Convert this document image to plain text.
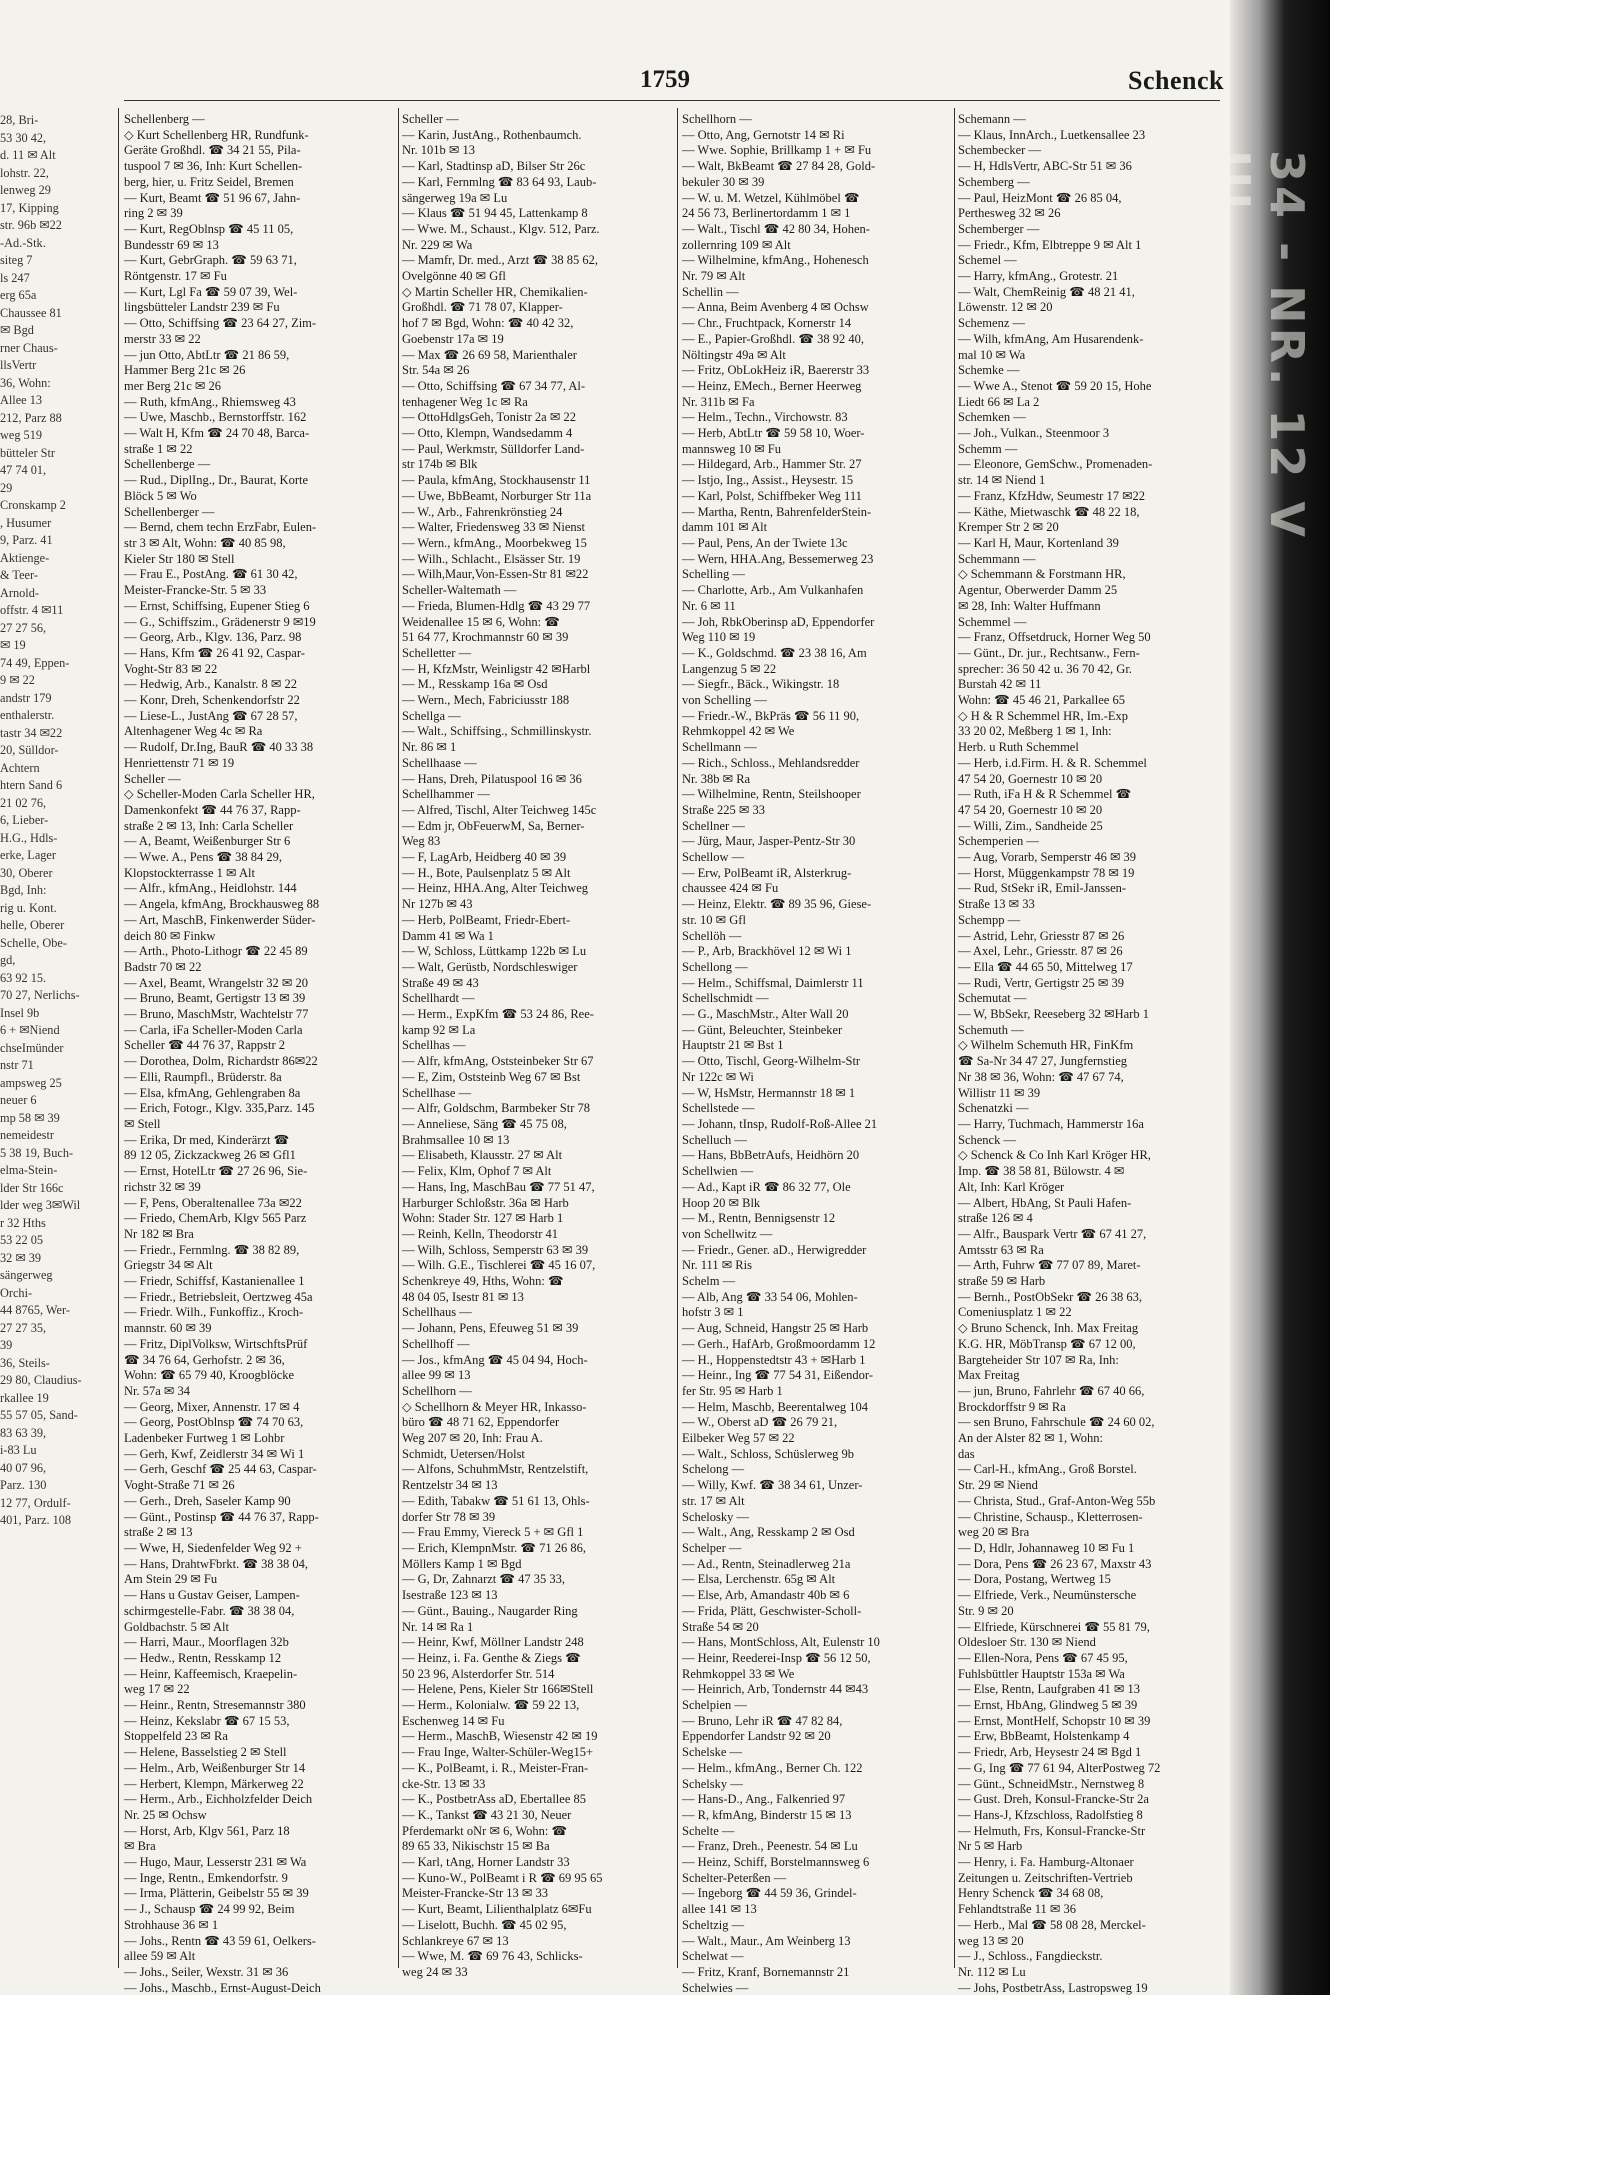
34 - NR. 12 V III
1759	Schenck
28, Bri-
53 30 42,
d. 11 ✉ Alt
lohstr. 22,
lenweg 29
17, Kipping
str. 96b ✉22
-Ad.-Stk.
siteg 7
ls 247
erg 65a
Chaussee 81
✉ Bgd
rner Chaus-
llsVertr
36, Wohn:
Allee 13
212, Parz 88
weg 519
bütteler Str
47 74 01,
29
Cronskamp 2
, Husumer
9, Parz. 41
Aktienge-
& Teer-
Arnold-
offstr. 4 ✉11
27 27 56,
✉ 19
74 49, Eppen-
9 ✉ 22
andstr 179
enthalerstr.
tastr 34 ✉22
20, Sülldor-
Achtern
htern Sand 6
21 02 76,
6, Lieber-
H.G., Hdls-
erke, Lager
30, Oberer
Bgd, Inh:
rig u. Kont.
helle, Oberer
Schelle, Obe-
gd,
63 92 15.
70 27, Nerlichs-
Insel 9b
6 + ✉Niend
chseImünder
nstr 71
ampsweg 25
neuer 6
mp 58 ✉ 39
nemeidestr
5 38 19, Buch-
elma-Stein-
lder Str 166c
lder weg 3✉Wil
r 32 Hths
53 22 05
32 ✉ 39
sängerweg
Orchi-
44 8765, Wer-
27 27 35,
39
36, Steils-
29 80, Claudius-
rkallee 19
55 57 05, Sand-
83 63 39,
i-83 Lu
40 07 96,
Parz. 130
12 77, Ordulf-
401, Parz. 108
Schellenberg —
◇ Kurt Schellenberg HR, Rundfunk-
Geräte Großhdl. ☎ 34 21 55, Pila-
tuspool 7 ✉ 36, Inh: Kurt Schellen-
berg, hier, u. Fritz Seidel, Bremen
— Kurt, Beamt ☎ 51 96 67, Jahn-
ring 2 ✉ 39
— Kurt, RegOblnsp ☎ 45 11 05,
Bundesstr 69 ✉ 13
— Kurt, GebrGraph. ☎ 59 63 71,
Röntgenstr. 17 ✉ Fu
— Kurt, Lgl Fa ☎ 59 07 39, Wel-
lingsbütteler Landstr 239 ✉ Fu
— Otto, Schiffsing ☎ 23 64 27, Zim-
merstr 33 ✉ 22
— jun Otto, AbtLtr ☎ 21 86 59,
Hammer Berg 21c ✉ 26
mer Berg 21c ✉ 26
— Ruth, kfmAng., Rhiemsweg 43
— Uwe, Maschb., Bernstorffstr. 162
— Walt H, Kfm ☎ 24 70 48, Barca-
straße 1 ✉ 22
Schellenberge —
— Rud., DiplIng., Dr., Baurat, Korte
Blöck 5 ✉ Wo
Schellenberger —
— Bernd, chem techn ErzFabr, Eulen-
str 3 ✉ Alt, Wohn: ☎ 40 85 98,
Kieler Str 180 ✉ Stell
— Frau E., PostAng. ☎ 61 30 42,
Meister-Francke-Str. 5 ✉ 33
— Ernst, Schiffsing, Eupener Stieg 6
— G., Schiffszim., Grädenerstr 9 ✉19
— Georg, Arb., Klgv. 136, Parz. 98
— Hans, Kfm ☎ 26 41 92, Caspar-
Voght-Str 83 ✉ 22
— Hedwig, Arb., Kanalstr. 8 ✉ 22
— Konr, Dreh, Schenkendorfstr 22
— Liese-L., JustAng ☎ 67 28 57,
Altenhagener Weg 4c ✉ Ra
— Rudolf, Dr.Ing, BauR ☎ 40 33 38
Henriettenstr 71 ✉ 19
Scheller —
◇ Scheller-Moden Carla Scheller HR,
Damenkonfekt ☎ 44 76 37, Rapp-
straße 2 ✉ 13, Inh: Carla Scheller
— A, Beamt, Weißenburger Str 6
— Wwe. A., Pens ☎ 38 84 29,
Klopstockterrasse 1 ✉ Alt
— Alfr., kfmAng., Heidlohstr. 144
— Angela, kfmAng, Brockhausweg 88
— Art, MaschB, Finkenwerder Süder-
deich 80 ✉ Finkw
— Arth., Photo-Lithogr ☎ 22 45 89
Badstr 70 ✉ 22
— Axel, Beamt, Wrangelstr 32 ✉ 20
— Bruno, Beamt, Gertigstr 13 ✉ 39
— Bruno, MaschMstr, Wachtelstr 77
— Carla, iFa Scheller-Moden Carla
Scheller ☎ 44 76 37, Rappstr 2
— Dorothea, Dolm, Richardstr 86✉22
— Elli, Raumpfl., Brüderstr. 8a
— Elsa, kfmAng, Gehlengraben 8a
— Erich, Fotogr., Klgv. 335,Parz. 145
✉ Stell
— Erika, Dr med, Kinderärzt ☎
89 12 05, Zickzackweg 26 ✉ Gfl1
— Ernst, HotelLtr ☎ 27 26 96, Sie-
richstr 32 ✉ 39
— F, Pens, Oberaltenallee 73a ✉22
— Friedo, ChemArb, Klgv 565 Parz
Nr 182 ✉ Bra
— Friedr., Fernmlng. ☎ 38 82 89,
Griegstr 34 ✉ Alt
— Friedr, Schiffsf, Kastanienallee 1
— Friedr., Betriebsleit, Oertzweg 45a
— Friedr. Wilh., Funkoffiz., Kroch-
mannstr. 60 ✉ 39
— Fritz, DiplVolksw, WirtschftsPrüf
☎ 34 76 64, Gerhofstr. 2 ✉ 36,
Wohn: ☎ 65 79 40, Kroogblöcke
Nr. 57a ✉ 34
— Georg, Mixer, Annenstr. 17 ✉ 4
— Georg, PostOblnsp ☎ 74 70 63,
Ladenbeker Furtweg 1 ✉ Lohbr
— Gerh, Kwf, Zeidlerstr 34 ✉ Wi 1
— Gerh, Geschf ☎ 25 44 63, Caspar-
Voght-Straße 71 ✉ 26
— Gerh., Dreh, Saseler Kamp 90
— Günt., Postinsp ☎ 44 76 37, Rapp-
straße 2 ✉ 13
— Wwe, H, Siedenfelder Weg 92 +
— Hans, DrahtwFbrkt. ☎ 38 38 04,
Am Stein 29 ✉ Fu
— Hans u Gustav Geiser, Lampen-
schirmgestelle-Fabr. ☎ 38 38 04,
Goldbachstr. 5 ✉ Alt
— Harri, Maur., Moorflagen 32b
— Hedw., Rentn, Resskamp 12
— Heinr, Kaffeemisch, Kraepelin-
weg 17 ✉ 22
— Heinr., Rentn, Stresemannstr 380
— Heinz, Kekslabr ☎ 67 15 53,
Stoppelfeld 23 ✉ Ra
— Helene, Basselstieg 2 ✉ Stell
— Helm., Arb, Weißenburger Str 14
— Herbert, Klempn, Märkerweg 22
— Herm., Arb., Eichholzfelder Deich
Nr. 25 ✉ Ochsw
— Horst, Arb, Klgv 561, Parz 18
✉ Bra
— Hugo, Maur, Lesserstr 231 ✉ Wa
— Inge, Rentn., Emkendorfstr. 9
— Irma, Plätterin, Geibelstr 55 ✉ 39
— J., Schausp ☎ 24 99 92, Beim
Strohhause 36 ✉ 1
— Johs., Rentn ☎ 43 59 61, Oelkers-
allee 59 ✉ Alt
— Johs., Seiler, Wexstr. 31 ✉ 36
— Johs., Maschb., Ernst-August-Deich
Scheller —
— Karin, JustAng., Rothenbaumch.
Nr. 101b ✉ 13
— Karl, Stadtinsp aD, Bilser Str 26c
— Karl, Fernmlng ☎ 83 64 93, Laub-
sängerweg 19a ✉ Lu
— Klaus ☎ 51 94 45, Lattenkamp 8
— Wwe. M., Schaust., Klgv. 512, Parz.
Nr. 229 ✉ Wa
— Mamfr, Dr. med., Arzt ☎ 38 85 62,
Ovelgönne 40 ✉ Gfl
◇ Martin Scheller HR, Chemikalien-
Großhdl. ☎ 71 78 07, Klapper-
hof 7 ✉ Bgd, Wohn: ☎ 40 42 32,
Goebenstr 17a ✉ 19
— Max ☎ 26 69 58, Marienthaler
Str. 54a ✉ 26
— Otto, Schiffsing ☎ 67 34 77, Al-
tenhagener Weg 1c ✉ Ra
— OttoHdlgsGeh, Tonistr 2a ✉ 22
— Otto, Klempn, Wandsedamm 4
— Paul, Werkmstr, Sülldorfer Land-
str 174b ✉ Blk
— Paula, kfmAng, Stockhausenstr 11
— Uwe, BbBeamt, Norburger Str 11a
— W., Arb., Fahrenkrönstieg 24
— Walter, Friedensweg 33 ✉ Nienst
— Wern., kfmAng., Moorbekweg 15
— Wilh., Schlacht., Elsässer Str. 19
— Wilh,Maur,Von-Essen-Str 81 ✉22
Scheller-Waltemath —
— Frieda, Blumen-Hdlg ☎ 43 29 77
Weidenallee 15 ✉ 6, Wohn: ☎
51 64 77, Krochmannstr 60 ✉ 39
Schelletter —
— H, KfzMstr, Weinligstr 42 ✉Harbl
— M., Resskamp 16a ✉ Osd
— Wern., Mech, Fabriciusstr 188
Schellga —
— Walt., Schiffsing., Schmillinskystr.
Nr. 86 ✉ 1
Schellhaase —
— Hans, Dreh, Pilatuspool 16 ✉ 36
Schellhammer —
— Alfred, Tischl, Alter Teichweg 145c
— Edm jr, ObFeuerwM, Sa, Berner-
Weg 83
— F, LagArb, Heidberg 40 ✉ 39
— H., Bote, Paulsenplatz 5 ✉ Alt
— Heinz, HHA.Ang, Alter Teichweg
Nr 127b ✉ 43
— Herb, PolBeamt, Friedr-Ebert-
Damm 41 ✉ Wa 1
— W, Schloss, Lüttkamp 122b ✉ Lu
— Walt, Gerüstb, Nordschleswiger
Straße 49 ✉ 43
Schellhardt —
— Herm., ExpKfm ☎ 53 24 86, Ree-
kamp 92 ✉ La
Schellhas —
— Alfr, kfmAng, Oststeinbeker Str 67
— E, Zim, Oststeinb Weg 67 ✉ Bst
Schellhase —
— Alfr, Goldschm, Barmbeker Str 78
— Anneliese, Säng ☎ 45 75 08,
Brahmsallee 10 ✉ 13
— Elisabeth, Klausstr. 27 ✉ Alt
— Felix, Klm, Ophof 7 ✉ Alt
— Hans, Ing, MaschBau ☎ 77 51 47,
Harburger Schloßstr. 36a ✉ Harb
Wohn: Stader Str. 127 ✉ Harb 1
— Reinh, Kelln, Theodorstr 41
— Wilh, Schloss, Semperstr 63 ✉ 39
— Wilh. G.E., Tischlerei ☎ 45 16 07,
Schenkreye 49, Hths, Wohn: ☎
48 04 05, Isestr 81 ✉ 13
Schellhaus —
— Johann, Pens, Efeuweg 51 ✉ 39
Schellhoff —
— Jos., kfmAng ☎ 45 04 94, Hoch-
allee 99 ✉ 13
Schellhorn —
◇ Schellhorn & Meyer HR, Inkasso-
büro ☎ 48 71 62, Eppendorfer
Weg 207 ✉ 20, Inh: Frau A.
Schmidt, Uetersen/Holst
— Alfons, SchuhmMstr, Rentzelstift,
Rentzelstr 34 ✉ 13
— Edith, Tabakw ☎ 51 61 13, Ohls-
dorfer Str 78 ✉ 39
— Frau Emmy, Viereck 5 + ✉ Gfl 1
— Erich, KlempnMstr. ☎ 71 26 86,
Möllers Kamp 1 ✉ Bgd
— G, Dr, Zahnarzt ☎ 47 35 33,
Isestraße 123 ✉ 13
— Günt., Bauing., Naugarder Ring
Nr. 14 ✉ Ra 1
— Heinr, Kwf, Möllner Landstr 248
— Heinz, i. Fa. Genthe & Ziegs ☎
50 23 96, Alsterdorfer Str. 514
— Helene, Pens, Kieler Str 166✉Stell
— Herm., Kolonialw. ☎ 59 22 13,
Eschenweg 14 ✉ Fu
— Herm., MaschB, Wiesenstr 42 ✉ 19
— Frau Inge, Walter-Schüler-Weg15+
— K., PolBeamt, i. R., Meister-Fran-
cke-Str. 13 ✉ 33
— K., PostbetrAss aD, Ebertallee 85
— K., Tankst ☎ 43 21 30, Neuer
Pferdemarkt oNr ✉ 6, Wohn: ☎
89 65 33, Nikischstr 15 ✉ Ba
— Karl, tAng, Horner Landstr 33
— Kuno-W., PolBeamt i R ☎ 69 95 65
Meister-Francke-Str 13 ✉ 33
— Kurt, Beamt, Lilienthalplatz 6✉Fu
— Liselott, Buchh. ☎ 45 02 95,
Schlankreye 67 ✉ 13
— Wwe, M. ☎ 69 76 43, Schlicks-
weg 24 ✉ 33
Schellhorn —
— Otto, Ang, Gernotstr 14 ✉ Ri
— Wwe. Sophie, Brillkamp 1 + ✉ Fu
— Walt, BkBeamt ☎ 27 84 28, Gold-
bekuler 30 ✉ 39
— W. u. M. Wetzel, Kühlmöbel ☎
24 56 73, Berlinertordamm 1 ✉ 1
— Walt., Tischl ☎ 42 80 34, Hohen-
zollernring 109 ✉ Alt
— Wilhelmine, kfmAng., Hohenesch
Nr. 79 ✉ Alt
Schellin —
— Anna, Beim Avenberg 4 ✉ Ochsw
— Chr., Fruchtpack, Kornerstr 14
— E., Papier-Großhdl. ☎ 38 92 40,
Nöltingstr 49a ✉ Alt
— Fritz, ObLokHeiz iR, Baererstr 33
— Heinz, EMech., Berner Heerweg
Nr. 311b ✉ Fa
— Helm., Techn., Virchowstr. 83
— Herb, AbtLtr ☎ 59 58 10, Woer-
mannsweg 10 ✉ Fu
— Hildegard, Arb., Hammer Str. 27
— Istjo, Ing., Assist., Heysestr. 15
— Karl, Polst, Schiffbeker Weg 111
— Martha, Rentn, BahrenfelderStein-
damm 101 ✉ Alt
— Paul, Pens, An der Twiete 13c
— Wern, HHA.Ang, Bessemerweg 23
Schelling —
— Charlotte, Arb., Am Vulkanhafen
Nr. 6 ✉ 11
— Joh, RbkOberinsp aD, Eppendorfer
Weg 110 ✉ 19
— K., Goldschmd. ☎ 23 38 16, Am
Langenzug 5 ✉ 22
— Siegfr., Bäck., Wikingstr. 18
von Schelling —
— Friedr.-W., BkPräs ☎ 56 11 90,
Rehmkoppel 42 ✉ We
Schellmann —
— Rich., Schloss., Mehlandsredder
Nr. 38b ✉ Ra
— Wilhelmine, Rentn, Steilshooper
Straße 225 ✉ 33
Schellner —
— Jürg, Maur, Jasper-Pentz-Str 30
Schellow —
— Erw, PolBeamt iR, Alsterkrug-
chaussee 424 ✉ Fu
— Heinz, Elektr. ☎ 89 35 96, Giese-
str. 10 ✉ Gfl
Schellöh —
— P., Arb, Brackhövel 12 ✉ Wi 1
Schellong —
— Helm., Schiffsmal, Daimlerstr 11
Schellschmidt —
— G., MaschMstr., Alter Wall 20
— Günt, Beleuchter, Steinbeker
Hauptstr 21 ✉ Bst 1
— Otto, Tischl, Georg-Wilhelm-Str
Nr 122c ✉ Wi
— W, HsMstr, Hermannstr 18 ✉ 1
Schellstede —
— Johann, tInsp, Rudolf-Roß-Allee 21
Schelluch —
— Hans, BbBetrAufs, Heidhörn 20
Schellwien —
— Ad., Kapt iR ☎ 86 32 77, Ole
Hoop 20 ✉ Blk
— M., Rentn, Bennigsenstr 12
von Schellwitz —
— Friedr., Gener. aD., Herwigredder
Nr. 111 ✉ Ris
Schelm —
— Alb, Ang ☎ 33 54 06, Mohlen-
hofstr 3 ✉ 1
— Aug, Schneid, Hangstr 25 ✉ Harb
— Gerh., HafArb, Großmoordamm 12
— H., Hoppenstedtstr 43 + ✉Harb 1
— Heinr., Ing ☎ 77 54 31, Eißendor-
fer Str. 95 ✉ Harb 1
— Helm, Maschb, Beerentalweg 104
— W., Oberst aD ☎ 26 79 21,
Eilbeker Weg 57 ✉ 22
— Walt., Schloss, Schüslerweg 9b
Schelong —
— Willy, Kwf. ☎ 38 34 61, Unzer-
str. 17 ✉ Alt
Schelosky —
— Walt., Ang, Resskamp 2 ✉ Osd
Schelper —
— Ad., Rentn, Steinadlerweg 21a
— Elsa, Lerchenstr. 65g ✉ Alt
— Else, Arb, Amandastr 40b ✉ 6
— Frida, Plätt, Geschwister-Scholl-
Straße 54 ✉ 20
— Hans, MontSchloss, Alt, Eulenstr 10
— Heinr, Reederei-Insp ☎ 56 12 50,
Rehmkoppel 33 ✉ We
— Heinrich, Arb, Tondernstr 44 ✉43
Schelpien —
— Bruno, Lehr iR ☎ 47 82 84,
Eppendorfer Landstr 92 ✉ 20
Schelske —
— Helm., kfmAng., Berner Ch. 122
Schelsky —
— Hans-D., Ang., Falkenried 97
— R, kfmAng, Binderstr 15 ✉ 13
Schelte —
— Franz, Dreh., Peenestr. 54 ✉ Lu
— Heinz, Schiff, Borstelmannsweg 6
Schelter-Peterßen —
— Ingeborg ☎ 44 59 36, Grindel-
allee 141 ✉ 13
Scheltzig —
— Walt., Maur., Am Weinberg 13
Schelwat —
— Fritz, Kranf, Bornemannstr 21
Schelwies —
Schemann —
— Klaus, InnArch., Luetkensallee 23
Schembecker —
— H, HdlsVertr, ABC-Str 51 ✉ 36
Schemberg —
— Paul, HeizMont ☎ 26 85 04,
Perthesweg 32 ✉ 26
Schemberger —
— Friedr., Kfm, Elbtreppe 9 ✉ Alt 1
Schemel —
— Harry, kfmAng., Grotestr. 21
— Walt, ChemReinig ☎ 48 21 41,
Löwenstr. 12 ✉ 20
Schemenz —
— Wilh, kfmAng, Am Husarendenk-
mal 10 ✉ Wa
Schemke —
— Wwe A., Stenot ☎ 59 20 15, Hohe
Liedt 66 ✉ La 2
Schemken —
— Joh., Vulkan., Steenmoor 3
Schemm —
— Eleonore, GemSchw., Promenaden-
str. 14 ✉ Niend 1
— Franz, KfzHdw, Seumestr 17 ✉22
— Käthe, Mietwaschk ☎ 48 22 18,
Kremper Str 2 ✉ 20
— Karl H, Maur, Kortenland 39
Schemmann —
◇ Schemmann & Forstmann HR,
Agentur, Oberwerder Damm 25
✉ 28, Inh: Walter Huffmann
Schemmel —
— Franz, Offsetdruck, Horner Weg 50
— Günt., Dr. jur., Rechtsanw., Fern-
sprecher: 36 50 42 u. 36 70 42, Gr.
Burstah 42 ✉ 11
Wohn: ☎ 45 46 21, Parkallee 65
◇ H & R Schemmel HR, Im.-Exp
33 20 02, Meßberg 1 ✉ 1, Inh:
Herb. u Ruth Schemmel
— Herb, i.d.Firm. H. & R. Schemmel
47 54 20, Goernestr 10 ✉ 20
— Ruth, iFa H & R Schemmel ☎
47 54 20, Goernestr 10 ✉ 20
— Willi, Zim., Sandheide 25
Schemperien —
— Aug, Vorarb, Semperstr 46 ✉ 39
— Horst, Müggenkampstr 78 ✉ 19
— Rud, StSekr iR, Emil-Janssen-
Straße 13 ✉ 33
Schempp —
— Astrid, Lehr, Griesstr 87 ✉ 26
— Axel, Lehr., Griesstr. 87 ✉ 26
— Ella ☎ 44 65 50, Mittelweg 17
— Rudi, Vertr, Gertigstr 25 ✉ 39
Schemutat —
— W, BbSekr, Reeseberg 32 ✉Harb 1
Schemuth —
◇ Wilhelm Schemuth HR, FinKfm
☎ Sa-Nr 34 47 27, Jungfernstieg
Nr 38 ✉ 36, Wohn: ☎ 47 67 74,
Willistr 11 ✉ 39
Schenatzki —
— Harry, Tuchmach, Hammerstr 16a
Schenck —
◇ Schenck & Co Inh Karl Kröger HR,
Imp. ☎ 38 58 81, Bülowstr. 4 ✉
Alt, Inh: Karl Kröger
— Albert, HbAng, St Pauli Hafen-
straße 126 ✉ 4
— Alfr., Bauspark Vertr ☎ 67 41 27,
Amtsstr 63 ✉ Ra
— Arth, Fuhrw ☎ 77 07 89, Maret-
straße 59 ✉ Harb
— Bernh., PostObSekr ☎ 26 38 63,
Comeniusplatz 1 ✉ 22
◇ Bruno Schenck, Inh. Max Freitag
K.G. HR, MöbTransp ☎ 67 12 00,
Bargteheider Str 107 ✉ Ra, Inh:
Max Freitag
— jun, Bruno, Fahrlehr ☎ 67 40 66,
Brockdorffstr 9 ✉ Ra
— sen Bruno, Fahrschule ☎ 24 60 02,
An der Alster 82 ✉ 1, Wohn:
das
— Carl-H., kfmAng., Groß Borstel.
Str. 29 ✉ Niend
— Christa, Stud., Graf-Anton-Weg 55b
— Christine, Schausp., Kletterrosen-
weg 20 ✉ Bra
— D, Hdlr, Johannaweg 10 ✉ Fu 1
— Dora, Pens ☎ 26 23 67, Maxstr 43
— Dora, Postang, Wertweg 15
— Elfriede, Verk., Neumünstersche
Str. 9 ✉ 20
— Elfriede, Kürschnerei ☎ 55 81 79,
Oldesloer Str. 130 ✉ Niend
— Ellen-Nora, Pens ☎ 67 45 95,
Fuhlsbüttler Hauptstr 153a ✉ Wa
— Else, Rentn, Laufgraben 41 ✉ 13
— Ernst, HbAng, Glindweg 5 ✉ 39
— Ernst, MontHelf, Schopstr 10 ✉ 39
— Erw, BbBeamt, Holstenkamp 4
— Friedr, Arb, Heysestr 24 ✉ Bgd 1
— G, Ing ☎ 77 61 94, AlterPostweg 72
— Günt., SchneidMstr., Nernstweg 8
— Gust. Dreh, Konsul-Francke-Str 2a
— Hans-J, Kfzschloss, Radolfstieg 8
— Helmuth, Frs, Konsul-Francke-Str
Nr 5 ✉ Harb
— Henry, i. Fa. Hamburg-Altonaer
Zeitungen u. Zeitschriften-Vertrieb
Henry Schenck ☎ 34 68 08,
Fehlandtstraße 11 ✉ 36
— Herb., Mal ☎ 58 08 28, Merckel-
weg 13 ✉ 20
— J., Schloss., Fangdieckstr.
Nr. 112 ✉ Lu
— Johs, PostbetrAss, Lastropsweg 19
